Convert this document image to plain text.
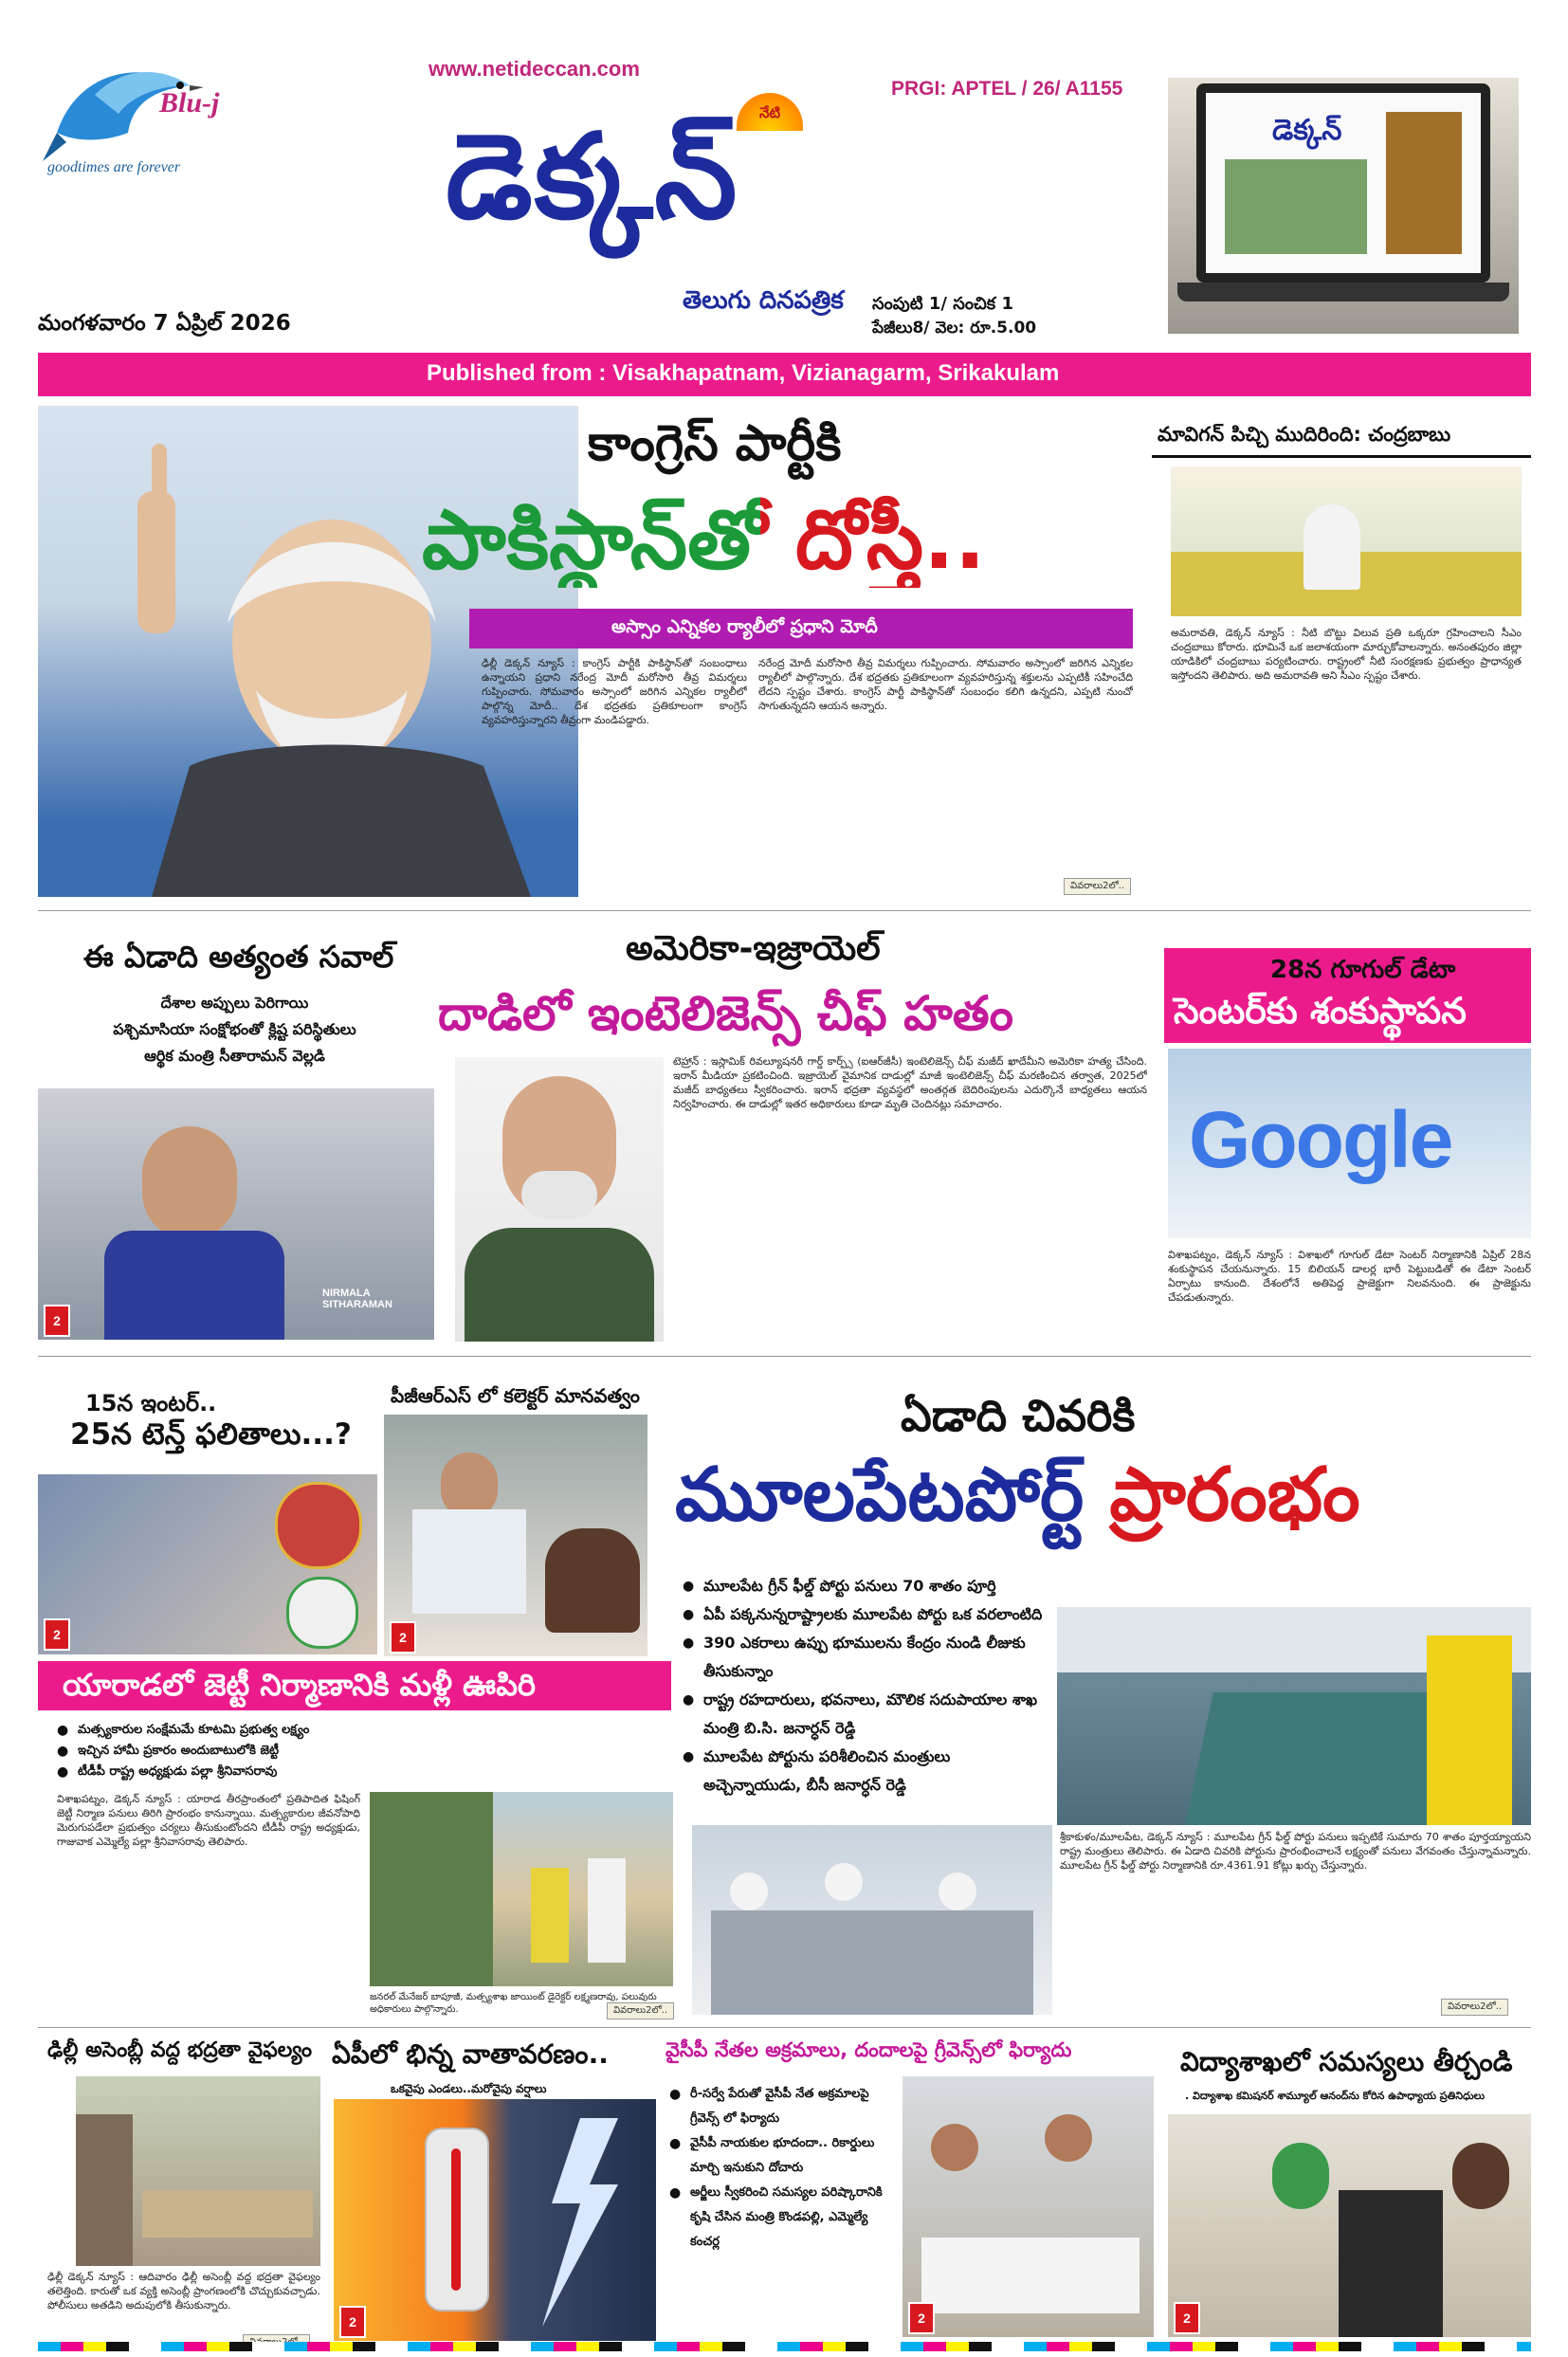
Blu-j
goodtimes are forever
www.netideccan.com
నేటి
డెక్కన్
తెలుగు దినపత్రిక
PRGI: APTEL / 26/ A1155
సంపుటి 1/ సంచిక 1
పేజీలు8/ వెల: రూ.5.00
మంగళవారం 7 ఏప్రిల్ 2026
డెక్కన్
Published from : Visakhapatnam, Vizianagarm, Srikakulam
కాంగ్రెస్ పార్టీకి
పాకిస్థాన్‌తో దోస్తీ..
అస్సాం ఎన్నికల ర్యాలీలో ప్రధాని మోదీ
ఢిల్లీ డెక్కన్ న్యూస్ : కాంగ్రెస్ పార్టీకి పాకిస్థాన్‌తో సంబంధాలు ఉన్నాయని ప్రధాని నరేంద్ర మోదీ మరోసారి తీవ్ర విమర్శలు గుప్పించారు. సోమవారం అస్సాంలో జరిగిన ఎన్నికల ర్యాలీలో పాల్గొన్న మోదీ.. దేశ భద్రతకు ప్రతికూలంగా కాంగ్రెస్ వ్యవహరిస్తున్నారని తీవ్రంగా మండిపడ్డారు.
నరేంద్ర మోదీ మరోసారి తీవ్ర విమర్శలు గుప్పించారు. సోమవారం అస్సాంలో జరిగిన ఎన్నికల ర్యాలీలో పాల్గొన్నారు. దేశ భద్రతకు ప్రతికూలంగా వ్యవహరిస్తున్న శక్తులను ఎప్పటికీ సహించేది లేదని స్పష్టం చేశారు. కాంగ్రెస్ పార్టీ పాకిస్థాన్‌తో సంబంధం కలిగి ఉన్నదని, ఎప్పటి నుంచో సాగుతున్నదని ఆయన అన్నారు.
వివరాలు2లో..
మావిగన్ పిచ్చి ముదిరింది: చంద్రబాబు
అమరావతి, డెక్కన్ న్యూస్ : నీటి బొట్టు విలువ ప్రతి ఒక్కరూ గ్రహించాలని సీఎం చంద్రబాబు కోరారు. భూమినే ఒక జలాశయంగా మార్చుకోవాలన్నారు. అనంతపురం జిల్లా యాడికిలో చంద్రబాబు పర్యటించారు. రాష్ట్రంలో నీటి సంరక్షణకు ప్రభుత్వం ప్రాధాన్యత ఇస్తోందని తెలిపారు. అది అమరావతి అని సీఎం స్పష్టం చేశారు.
ఈ ఏడాది అత్యంత సవాల్
దేశాల అప్పులు పెరిగాయి
పశ్చిమాసియా సంక్షోభంతో క్లిష్ట పరిస్థితులు
ఆర్థిక మంత్రి సీతారామన్ వెల్లడి
NIRMALA SITHARAMAN
2
అమెరికా-ఇజ్రాయెల్
దాడిలో ఇంటెలిజెన్స్ చీఫ్ హతం
టెహ్రాన్ : ఇస్లామిక్ రివల్యూషనరీ గార్డ్ కార్ప్స్ (ఐఆర్‌జీసీ) ఇంటెలిజెన్స్ చీఫ్ మజీద్ ఖాదేమీని అమెరికా హత్య చేసింది. ఇరాన్ మీడియా ప్రకటించింది. ఇజ్రాయెల్ వైమానిక దాడుల్లో మాజీ ఇంటెలిజెన్స్ చీఫ్ మరణించిన తర్వాత, 2025లో మజీద్ బాధ్యతలు స్వీకరించారు. ఇరాన్ భద్రతా వ్యవస్థలో అంతర్గత బెదిరింపులను ఎదుర్కొనే బాధ్యతలు ఆయన నిర్వహించారు. ఈ దాడుల్లో ఇతర అధికారులు కూడా మృతి చెందినట్లు సమాచారం.
28న గూగుల్ డేటా
సెంటర్‌కు శంకుస్థాపన
Google
విశాఖపట్నం, డెక్కన్ న్యూస్ : విశాఖలో గూగుల్ డేటా సెంటర్ నిర్మాణానికి ఏప్రిల్ 28న శంకుస్థాపన చేయనున్నారు. 15 బిలియన్ డాలర్ల భారీ పెట్టుబడితో ఈ డేటా సెంటర్ ఏర్పాటు కానుంది. దేశంలోనే అతిపెద్ద ప్రాజెక్టుగా నిలవనుంది. ఈ ప్రాజెక్టును చేపడుతున్నారు.
15న ఇంటర్..
25న టెన్త్ ఫలితాలు...?
2
పీజీఆర్ఎస్ లో కలెక్టర్ మానవత్వం
2
ఏడాది చివరికి
మూలపేటపోర్ట్ ప్రారంభం
● మూలపేట గ్రీన్ ఫీల్డ్ పోర్టు పనులు 70 శాతం పూర్తి
● ఏపీ పక్కనున్నరాష్ట్రాలకు మూలపేట పోర్టు ఒక వరలాంటిది
● 390 ఎకరాలు ఉప్పు భూములను కేంద్రం నుండి లీజుకు తీసుకున్నాం
● రాష్ట్ర రహదారులు, భవనాలు, మౌలిక సదుపాయాల శాఖ మంత్రి బి.సి. జనార్ధన్ రెడ్డి
● మూలపేట పోర్టును పరిశీలించిన మంత్రులు అచ్చెన్నాయుడు, బీసీ జనార్ధన్ రెడ్డి
శ్రీకాకుళం/మూలపేట, డెక్కన్ న్యూస్ : మూలపేట గ్రీన్ ఫీల్డ్ పోర్టు పనులు ఇప్పటికే సుమారు 70 శాతం పూర్తయ్యాయని రాష్ట్ర మంత్రులు తెలిపారు. ఈ ఏడాది చివరికి పోర్టును ప్రారంభించాలనే లక్ష్యంతో పనులు వేగవంతం చేస్తున్నామన్నారు. మూలపేట గ్రీన్ ఫీల్డ్ పోర్టు నిర్మాణానికి రూ.4361.91 కోట్లు ఖర్చు చేస్తున్నారు.
వివరాలు2లో..
యారాడలో జెట్టీ నిర్మాణానికి మళ్లీ ఊపిరి
● మత్స్యకారుల సంక్షేమమే కూటమి ప్రభుత్వ లక్ష్యం
● ఇచ్చిన హామీ ప్రకారం అందుబాటులోకి జెట్టీ
● టీడీపీ రాష్ట్ర అధ్యక్షుడు పల్లా శ్రీనివాసరావు
విశాఖపట్నం, డెక్కన్ న్యూస్ : యారాడ తీరప్రాంతంలో ప్రతిపాదిత ఫిషింగ్ జెట్టీ నిర్మాణ పనులు తిరిగి ప్రారంభం కానున్నాయి. మత్స్యకారుల జీవనోపాధి మెరుగుపడేలా ప్రభుత్వం చర్యలు తీసుకుంటోందని టీడీపీ రాష్ట్ర అధ్యక్షుడు, గాజువాక ఎమ్మెల్యే పల్లా శ్రీనివాసరావు తెలిపారు.
జనరల్ మేనేజర్ బాపూజీ, మత్స్యశాఖ జాయింట్ డైరెక్టర్ లక్ష్మణరావు, పలువురు అధికారులు పాల్గొన్నారు.	వివరాలు2లో..
ఢిల్లీ అసెంబ్లీ వద్ద భద్రతా వైఫల్యం
ఢిల్లీ డెక్కన్ న్యూస్ : ఆదివారం ఢిల్లీ అసెంబ్లీ వద్ద భద్రతా వైఫల్యం తలెత్తింది. కారుతో ఒక వ్యక్తి అసెంబ్లీ ప్రాంగణంలోకి చొచ్చుకువచ్చాడు. పోలీసులు అతడిని అదుపులోకి తీసుకున్నారు.
ఏపీలో భిన్న వాతావరణం..
ఒకవైపు ఎండలు..మరోవైపు వర్షాలు
2
వైసీపీ నేతల అక్రమాలు, దందాలపై గ్రీవెన్స్‌లో ఫిర్యాదు
● రీ-సర్వే పేరుతో వైసీపీ నేత అక్రమాలపై గ్రీవెన్స్ లో ఫిర్యాదు
● వైసీపీ నాయకుల భూదందా.. రికార్డులు మార్చి ఇనుకుని దోచారు
● అర్జీలు స్వీకరించి సమస్యల పరిష్కారానికి కృషి చేసిన మంత్రి కొండపల్లి, ఎమ్మెల్యే కంచర్ల
2
విద్యాశాఖలో సమస్యలు తీర్చండి
. విద్యాశాఖ కమిషనర్ శామ్యూల్ ఆనంద్‌ను కోరిన ఉపాధ్యాయ ప్రతినిధులు
2
